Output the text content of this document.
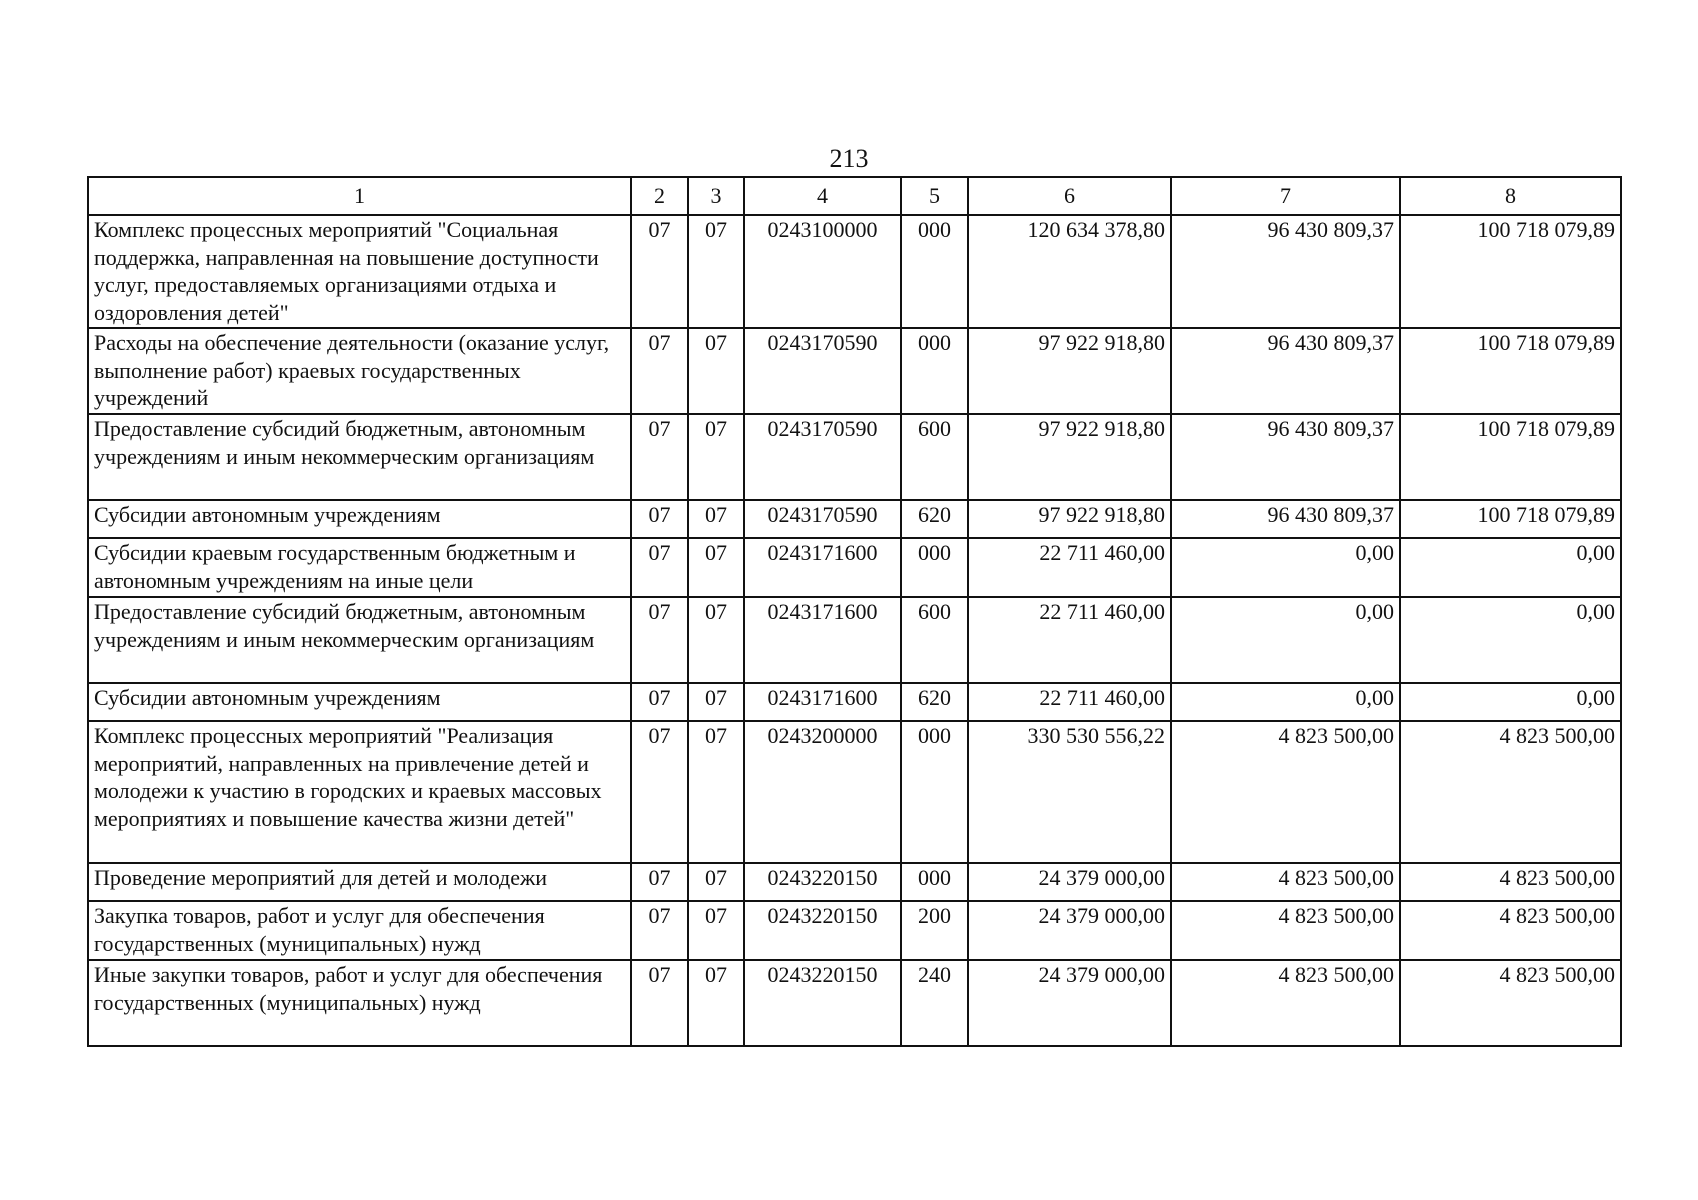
213
1	2	3	4	5	6	7	8
Комплекс процессных мероприятий "Социальная поддержка, направленная на повышение доступности услуг, предоставляемых организациями отдыха и оздоровления детей"	07	07	0243100000	000	120 634 378,80	96 430 809,37	100 718 079,89
Расходы на обеспечение деятельности (оказание услуг, выполнение работ) краевых государственных учреждений	07	07	0243170590	000	97 922 918,80	96 430 809,37	100 718 079,89
Предоставление субсидий бюджетным, автономным учреждениям и иным некоммерческим организациям	07	07	0243170590	600	97 922 918,80	96 430 809,37	100 718 079,89
Субсидии автономным учреждениям	07	07	0243170590	620	97 922 918,80	96 430 809,37	100 718 079,89
Субсидии краевым государственным бюджетным и автономным учреждениям на иные цели	07	07	0243171600	000	22 711 460,00	0,00	0,00
Предоставление субсидий бюджетным, автономным учреждениям и иным некоммерческим организациям	07	07	0243171600	600	22 711 460,00	0,00	0,00
Субсидии автономным учреждениям	07	07	0243171600	620	22 711 460,00	0,00	0,00
Комплекс процессных мероприятий "Реализация мероприятий, направленных на привлечение детей и молодежи к участию в городских и краевых массовых мероприятиях и повышение качества жизни детей"	07	07	0243200000	000	330 530 556,22	4 823 500,00	4 823 500,00
Проведение мероприятий для детей и молодежи	07	07	0243220150	000	24 379 000,00	4 823 500,00	4 823 500,00
Закупка товаров, работ и услуг для обеспечения государственных (муниципальных) нужд	07	07	0243220150	200	24 379 000,00	4 823 500,00	4 823 500,00
Иные закупки товаров, работ и услуг для обеспечения государственных (муниципальных) нужд	07	07	0243220150	240	24 379 000,00	4 823 500,00	4 823 500,00
